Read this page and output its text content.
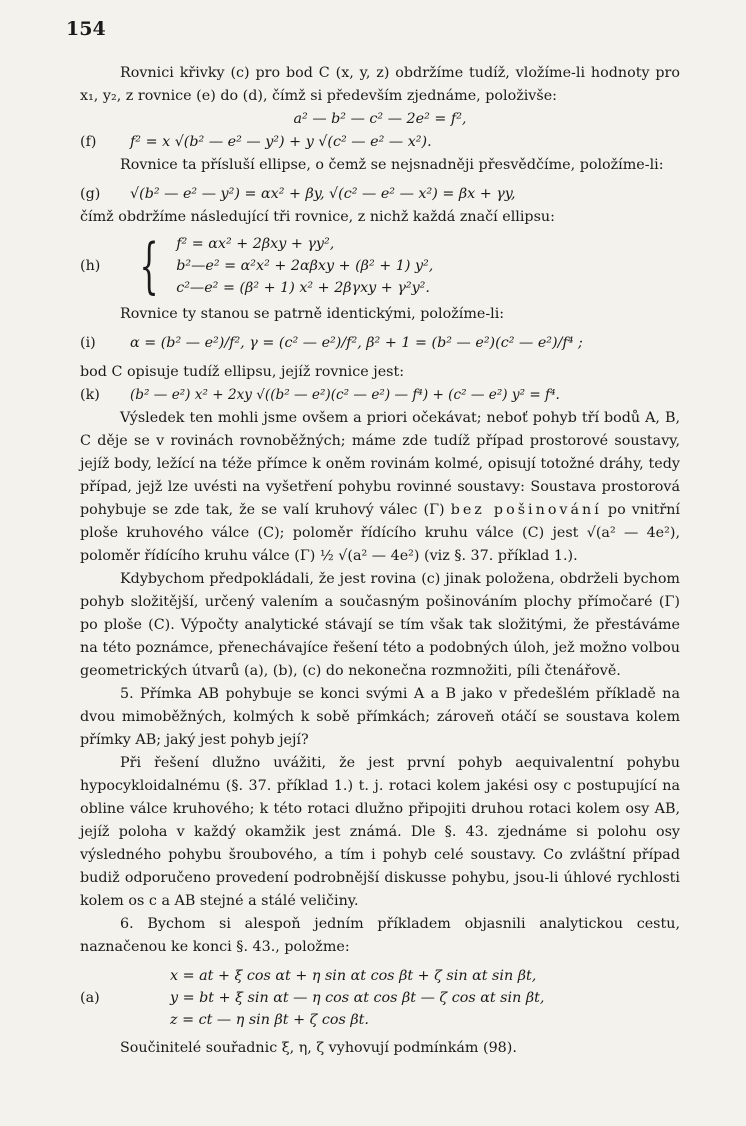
154

Rovnici křivky (c) pro bod C (x, y, z) obdržíme tudíž, vložíme-li hodnoty pro x₁, y₂, z rovnice (e) do (d), čímž si především zjednáme, položivše:

a² — b² — c² — 2e² = f²,

(f)	f² = x √(b² — e² — y²) + y √(c² — e² — x²).

Rovnice ta přísluší ellipse, o čemž se nejsnadněji přesvědčíme, položíme-li:

(g)	√(b² — e² — y²) = αx² + βy, √(c² — e² — x²) = βx + γy,

čímž obdržíme následující tři rovnice, z nichž každá značí ellipsu:

(h) { f² = αx² + 2βxy + γy²,
b²—e² = α²x² + 2αβxy + (β² + 1) y²,
c²—e² = (β² + 1) x² + 2βγxy + γ²y².

Rovnice ty stanou se patrně identickými, položíme-li:

(i)	α = (b² — e²)/f², γ = (c² — e²)/f², β² + 1 = (b² — e²)(c² — e²)/f⁴ ;

bod C opisuje tudíž ellipsu, jejíž rovnice jest:

(k)	(b² — e²) x² + 2xy √((b² — e²)(c² — e²) — f⁴) + (c² — e²) y² = f⁴.

Výsledek ten mohli jsme ovšem a priori očekávat; neboť pohyb tří bodů A, B, C děje se v rovinách rovnoběžných; máme zde tudíž případ prostorové soustavy, jejíž body, ležící na téže přímce k oněm rovinám kolmé, opisují totožné dráhy, tedy případ, jejž lze uvésti na vyšetření pohybu rovinné soustavy: Soustava prostorová pohybuje se zde tak, že se valí kruhový válec (Γ) bez pošinování po vnitřní ploše kruhového válce (C); poloměr řídícího kruhu válce (C) jest √(a² — 4e²), poloměr řídícího kruhu válce (Γ) ½ √(a² — 4e²) (viz §. 37. příklad 1.).

Kdybychom předpokládali, že jest rovina (c) jinak položena, obdrželi bychom pohyb složitější, určený valením a současným pošinováním plochy přímočaré (Γ) po ploše (C). Výpočty analytické stávají se tím však tak složitými, že přestáváme na této poznámce, přenechávajíce řešení této a podobných úloh, jež možno volbou geometrických útvarů (a), (b), (c) do nekonečna rozmnožiti, píli čtenářově.

5. Přímka AB pohybuje se konci svými A a B jako v předešlém příkladě na dvou mimoběžných, kolmých k sobě přímkách; zároveň otáčí se soustava kolem přímky AB; jaký jest pohyb její?

Při řešení dlužno uvážiti, že jest první pohyb aequivalentní pohybu hypocykloidalnému (§. 37. příklad 1.) t. j. rotaci kolem jakési osy c postupující na obline válce kruhového; k této rotaci dlužno připojiti druhou rotaci kolem osy AB, jejíž poloha v každý okamžik jest známá. Dle §. 43. zjednáme si polohu osy výsledného pohybu šroubového, a tím i pohyb celé soustavy. Co zvláštní případ budiž odporučeno provedení podrobnější diskusse pohybu, jsou-li úhlové rychlosti kolem os c a AB stejné a stálé veličiny.

6. Bychom si alespoň jedním příkladem objasnili analytickou cestu, naznačenou ke konci §. 43., položme:

(a)
x = at + ξ cos αt + η sin αt cos βt + ζ sin αt sin βt,
y = bt + ξ sin αt — η cos αt cos βt — ζ cos αt sin βt,
z = ct — η sin βt + ζ cos βt.

Součinitelé souřadnic ξ, η, ζ vyhovují podmínkám (98).
